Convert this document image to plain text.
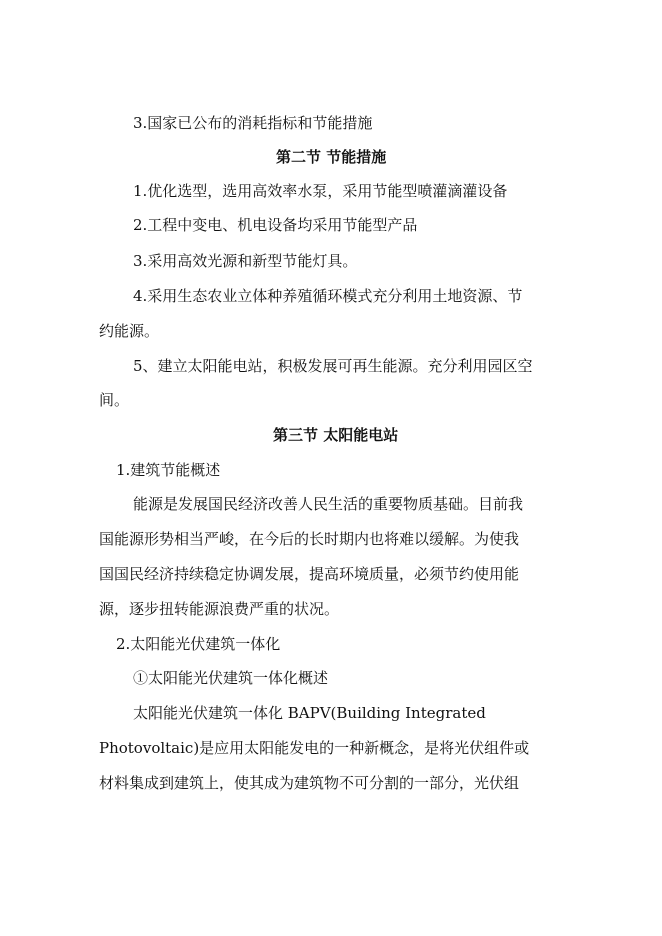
3.国家已公布的消耗指标和节能措施
第二节 节能措施
1.优化选型，选用高效率水泵，采用节能型喷灌滴灌设备
2.工程中变电、机电设备均采用节能型产品
3.采用高效光源和新型节能灯具。
4.采用生态农业立体种养殖循环模式充分利用土地资源、节
约能源。
5、建立太阳能电站，积极发展可再生能源。充分利用园区空
间。
第三节 太阳能电站
1.建筑节能概述
能源是发展国民经济改善人民生活的重要物质基础。目前我
国能源形势相当严峻，在今后的长时期内也将难以缓解。为使我
国国民经济持续稳定协调发展，提高环境质量，必须节约使用能
源，逐步扭转能源浪费严重的状况。
2.太阳能光伏建筑一体化
①太阳能光伏建筑一体化概述
太阳能光伏建筑一体化 BAPV(Building Integrated
Photovoltaic)是应用太阳能发电的一种新概念，是将光伏组件或
材料集成到建筑上，使其成为建筑物不可分割的一部分，光伏组
